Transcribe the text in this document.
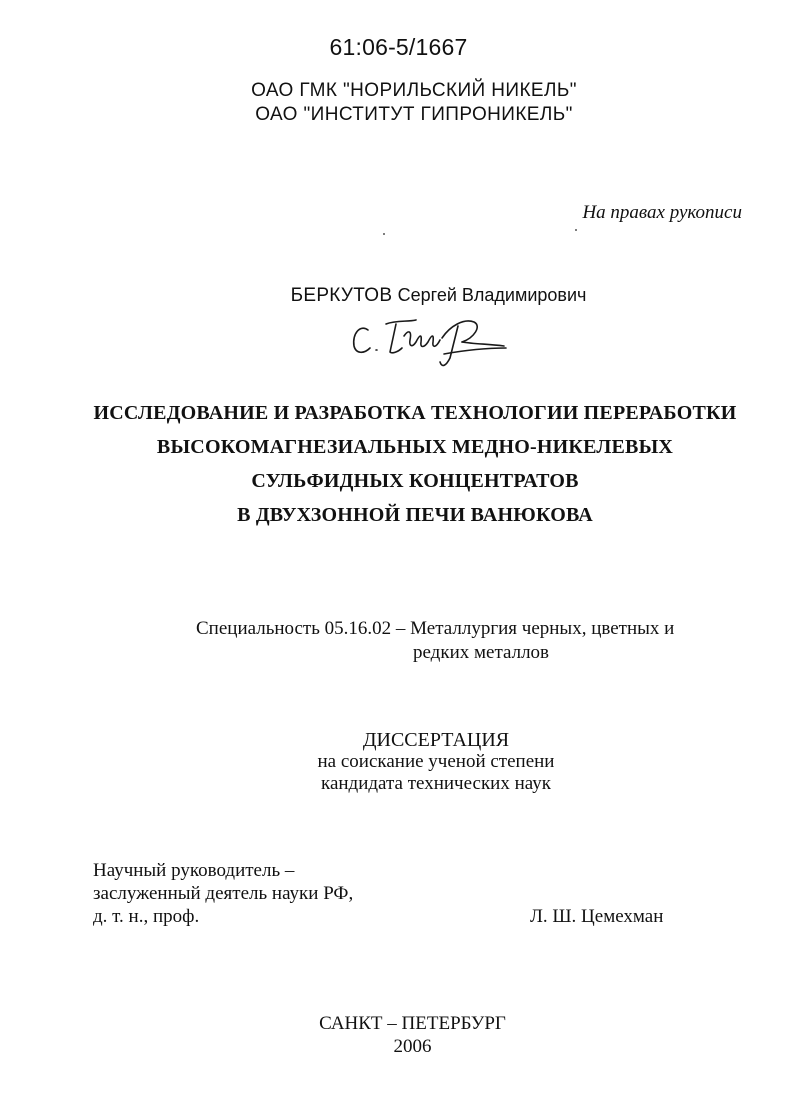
61:06-5/1667
ОАО ГМК "НОРИЛЬСКИЙ НИКЕЛЬ"
ОАО "ИНСТИТУТ ГИПРОНИКЕЛЬ"
На правах рукописи
БЕРКУТОВ Сергей Владимирович
ИССЛЕДОВАНИЕ И РАЗРАБОТКА ТЕХНОЛОГИИ ПЕРЕРАБОТКИ
ВЫСОКОМАГНЕЗИАЛЬНЫХ МЕДНО-НИКЕЛЕВЫХ
СУЛЬФИДНЫХ КОНЦЕНТРАТОВ
В ДВУХЗОННОЙ ПЕЧИ ВАНЮКОВА
Специальность 05.16.02 – Металлургия черных, цветных и
редких металлов
ДИССЕРТАЦИЯ
на соискание ученой степени
кандидата технических наук
Научный руководитель –
заслуженный деятель науки РФ,
д. т. н., проф.	Л. Ш. Цемехман
САНКТ – ПЕТЕРБУРГ
2006
